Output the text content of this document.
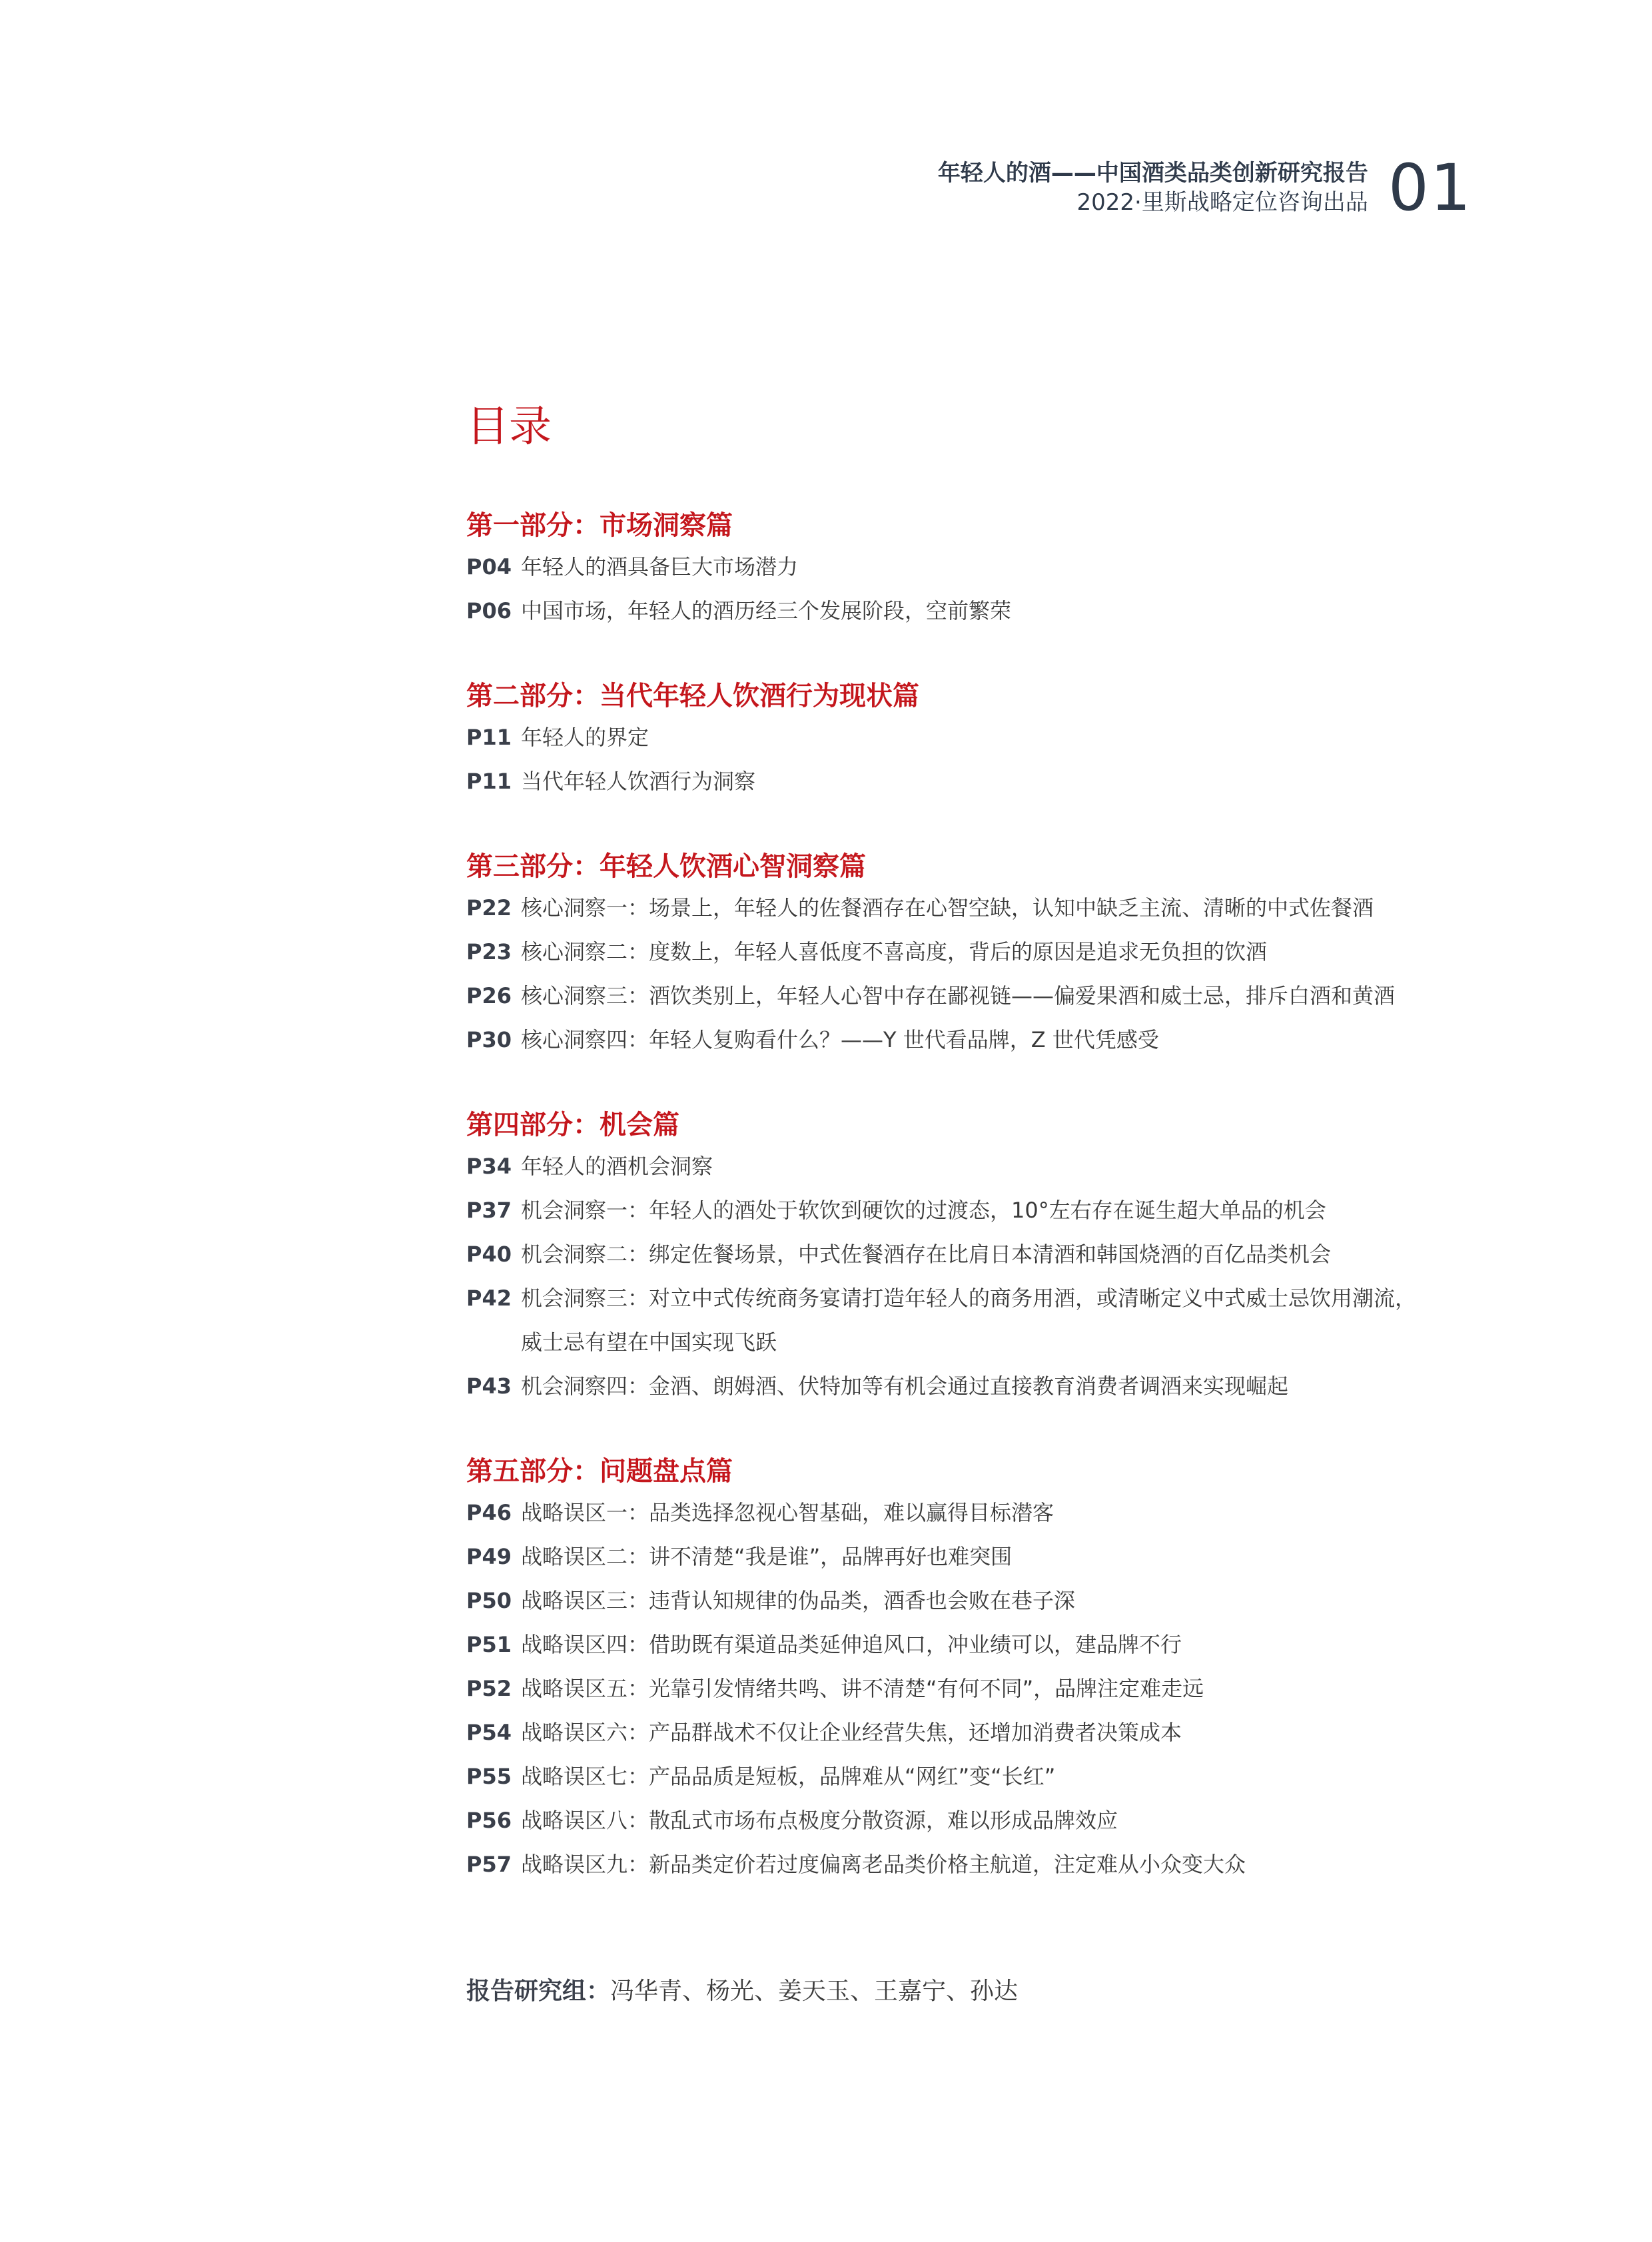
年轻人的酒——中国酒类品类创新研究报告
2022·里斯战略定位咨询出品 01
目录
第一部分：市场洞察篇
P04 年轻人的酒具备巨大市场潜力
P06 中国市场，年轻人的酒历经三个发展阶段，空前繁荣
第二部分：当代年轻人饮酒行为现状篇
P11 年轻人的界定
P11 当代年轻人饮酒行为洞察
第三部分：年轻人饮酒心智洞察篇
P22 核心洞察一：场景上，年轻人的佐餐酒存在心智空缺，认知中缺乏主流、清晰的中式佐餐酒
P23 核心洞察二：度数上，年轻人喜低度不喜高度，背后的原因是追求无负担的饮酒
P26 核心洞察三：酒饮类别上，年轻人心智中存在鄙视链——偏爱果酒和威士忌，排斥白酒和黄酒
P30 核心洞察四：年轻人复购看什么？——Y 世代看品牌，Z 世代凭感受
第四部分：机会篇
P34 年轻人的酒机会洞察
P37 机会洞察一：年轻人的酒处于软饮到硬饮的过渡态，10°左右存在诞生超大单品的机会
P40 机会洞察二：绑定佐餐场景，中式佐餐酒存在比肩日本清酒和韩国烧酒的百亿品类机会
P42 机会洞察三：对立中式传统商务宴请打造年轻人的商务用酒，或清晰定义中式威士忌饮用潮流，
威士忌有望在中国实现飞跃
P43 机会洞察四：金酒、朗姆酒、伏特加等有机会通过直接教育消费者调酒来实现崛起
第五部分：问题盘点篇
P46 战略误区一：品类选择忽视心智基础，难以赢得目标潜客
P49 战略误区二：讲不清楚“我是谁”，品牌再好也难突围
P50 战略误区三：违背认知规律的伪品类，酒香也会败在巷子深
P51 战略误区四：借助既有渠道品类延伸追风口，冲业绩可以，建品牌不行
P52 战略误区五：光靠引发情绪共鸣、讲不清楚“有何不同”，品牌注定难走远
P54 战略误区六：产品群战术不仅让企业经营失焦，还增加消费者决策成本
P55 战略误区七：产品品质是短板，品牌难从“网红”变“长红”
P56 战略误区八：散乱式市场布点极度分散资源，难以形成品牌效应
P57 战略误区九：新品类定价若过度偏离老品类价格主航道，注定难从小众变大众
报告研究组： 冯华青、杨光、姜天玉、王嘉宁、孙达
